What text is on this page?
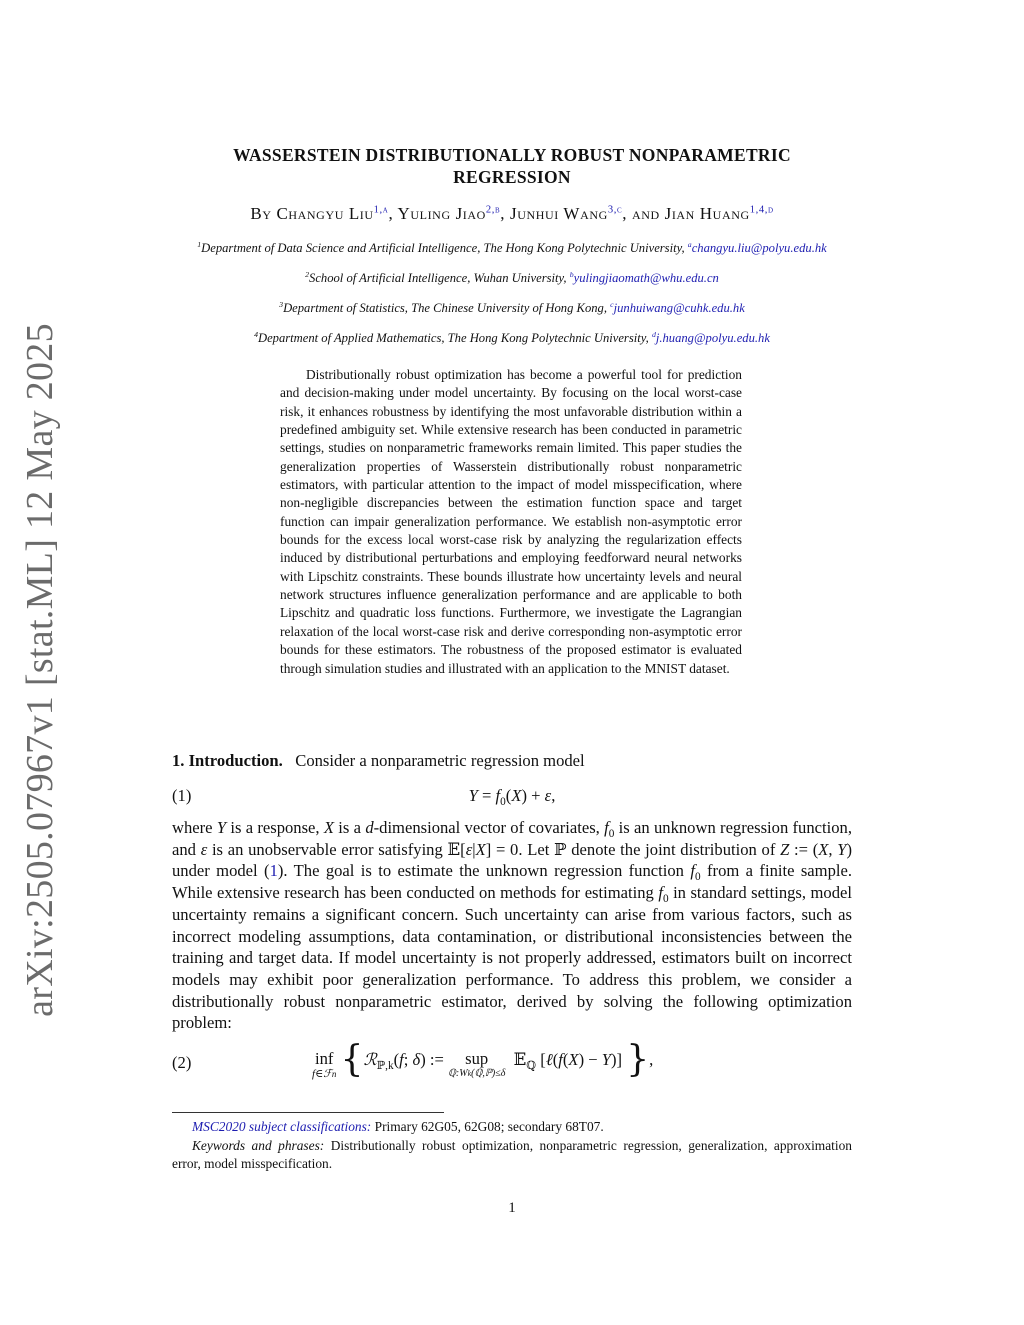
arXiv:2505.07967v1 [stat.ML] 12 May 2025
WASSERSTEIN DISTRIBUTIONALLY ROBUST NONPARAMETRIC
REGRESSION
By Changyu Liu$^{1,a}$, Yuling Jiao$^{2,b}$, Junhui Wang$^{3,c}$, and Jian Huang$^{1,4,d}$
$^1$Department of Data Science and Artificial Intelligence, The Hong Kong Polytechnic University, $^a$changyu.liu@polyu.edu.hk
$^2$School of Artificial Intelligence, Wuhan University, $^b$yulingjiaomath@whu.edu.cn
$^3$Department of Statistics, The Chinese University of Hong Kong, $^c$junhuiwang@cuhk.edu.hk
$^4$Department of Applied Mathematics, The Hong Kong Polytechnic University, $^d$j.huang@polyu.edu.hk
Distributionally robust optimization has become a powerful tool for prediction and decision-making under model uncertainty. By focusing on the local worst-case risk, it enhances robustness by identifying the most unfavorable distribution within a predefined ambiguity set. While extensive research has been conducted in parametric settings, studies on nonparametric frameworks remain limited. This paper studies the generalization properties of Wasserstein distributionally robust nonparametric estimators, with particular attention to the impact of model misspecification, where non-negligible discrepancies between the estimation function space and target function can impair generalization performance. We establish non-asymptotic error bounds for the excess local worst-case risk by analyzing the regularization effects induced by distributional perturbations and employing feedforward neural networks with Lipschitz constraints. These bounds illustrate how uncertainty levels and neural network structures influence generalization performance and are applicable to both Lipschitz and quadratic loss functions. Furthermore, we investigate the Lagrangian relaxation of the local worst-case risk and derive corresponding non-asymptotic error bounds for these estimators. The robustness of the proposed estimator is evaluated through simulation studies and illustrated with an application to the MNIST dataset.
1. Introduction. Consider a nonparametric regression model
(1)	$Y = f_0(X) + \varepsilon$,
where Y is a response, X is a d-dimensional vector of covariates, $f_0$ is an unknown regression function, and ε is an unobservable error satisfying 𝔼[ε|X] = 0. Let ℙ denote the joint distribution of Z := (X, Y) under model (1). The goal is to estimate the unknown regression function $f_0$ from a finite sample. While extensive research has been conducted on methods for estimating $f_0$ in standard settings, model uncertainty remains a significant concern. Such uncertainty can arise from various factors, such as incorrect modeling assumptions, data contamination, or distributional inconsistencies between the training and target data. If model uncertainty is not properly addressed, estimators built on incorrect models may exhibit poor generalization performance. To address this problem, we consider a distributionally robust nonparametric estimator, derived by solving the following optimization problem:
(2)	inf
f∈ℱn {ℛ$_{ℙ,k}$(f; δ) := sup
ℚ:Wk(ℚ,ℙ)≤δ
𝔼$_ℚ$ [ℓ(f(X) − Y)] },
MSC2020 subject classifications: Primary 62G05, 62G08; secondary 68T07.
Keywords and phrases: Distributionally robust optimization, nonparametric regression, generalization, approximation error, model misspecification.
1
